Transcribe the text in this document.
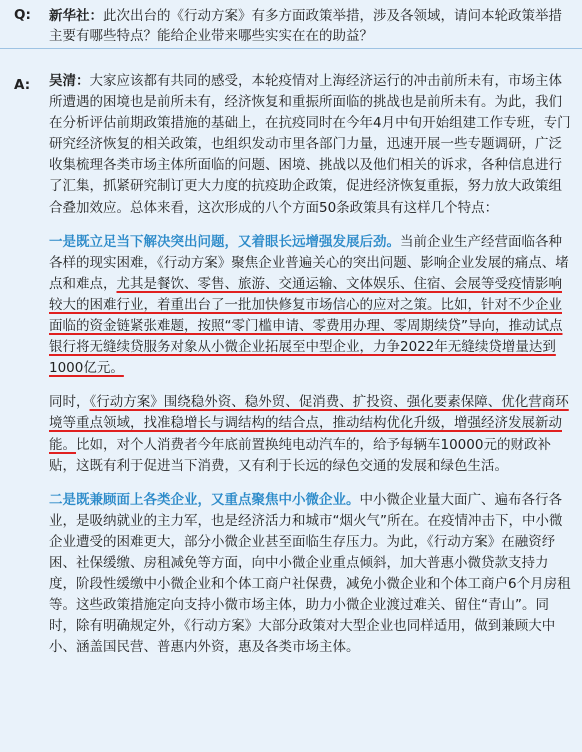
Q: 新华社：此次出台的《行动方案》有多方面政策举措，涉及各领域，请问本轮政策举措主要有哪些特点？能给企业带来哪些实实在在的助益？
A: 吴清：大家应该都有共同的感受，本轮疫情对上海经济运行的冲击前所未有，市场主体所遭遇的困境也是前所未有，经济恢复和重振所面临的挑战也是前所未有。为此，我们在分析评估前期政策措施的基础上，在抗疫同时在今年4月中旬开始组建工作专班，专门研究经济恢复的相关政策，也组织发动市里各部门力量，迅速开展一些专题调研，广泛收集梳理各类市场主体所面临的问题、困境、挑战以及他们相关的诉求，各种信息进行了汇集，抓紧研究制订更大力度的抗疫助企政策，促进经济恢复重振，努力放大政策组合叠加效应。总体来看，这次形成的八个方面50条政策具有这样几个特点：

一是既立足当下解决突出问题，又着眼长远增强发展后劲。当前企业生产经营面临各种各样的现实困难，《行动方案》聚焦企业普遍关心的突出问题、影响企业发展的痛点、堵点和难点，尤其是餐饮、零售、旅游、交通运输、文体娱乐、住宿、会展等受疫情影响较大的困难行业，着重出台了一批加快修复市场信心的应对之策。比如，针对不少企业面临的资金链紧张难题，按照“零门槛申请、零费用办理、零周期续贷”导向，推动试点银行将无缝续贷服务对象从小微企业拓展至中型企业，力争2022年无缝续贷增量达到1000亿元。

同时，《行动方案》围绕稳外资、稳外贸、促消费、扩投资、强化要素保障、优化营商环境等重点领域，找准稳增长与调结构的结合点，推动结构优化升级，增强经济发展新动能。比如，对个人消费者今年底前置换纯电动汽车的，给予每辆车10000元的财政补贴，这既有利于促进当下消费，又有利于长远的绿色交通的发展和绿色生活。

二是既兼顾面上各类企业，又重点聚焦中小微企业。中小微企业量大面广、遍布各行各业，是吸纳就业的主力军，也是经济活力和城市“烟火气”所在。在疫情冲击下，中小微企业遭受的困难更大，部分小微企业甚至面临生存压力。为此，《行动方案》在融资纾困、社保缓缴、房租减免等方面，向中小微企业重点倾斜，加大普惠小微贷款支持力度，阶段性缓缴中小微企业和个体工商户社保费，减免小微企业和个体工商户6个月房租等。这些政策措施定向支持小微市场主体，助力小微企业渡过难关、留住“青山”。同时，除有明确规定外，《行动方案》大部分政策对大型企业也同样适用，做到兼顾大中小、涵盖国民营、普惠内外资，惠及各类市场主体。
